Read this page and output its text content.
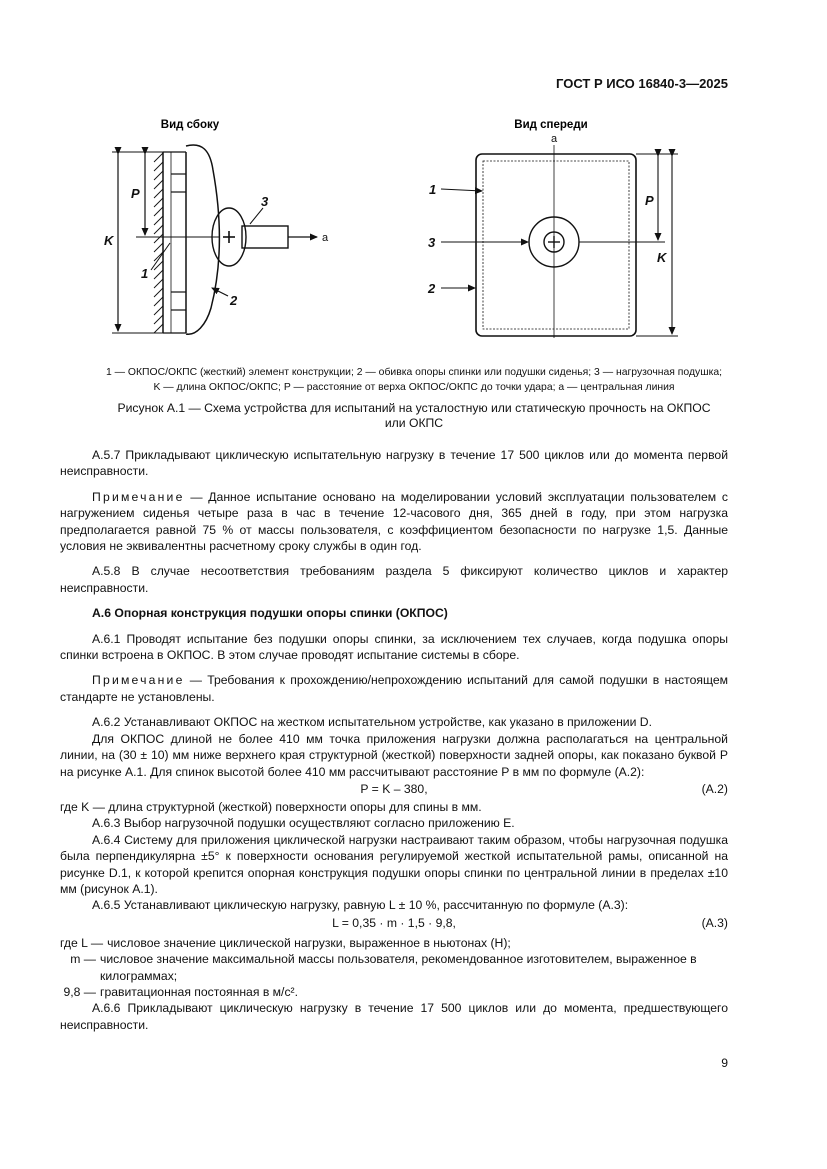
ГОСТ Р ИСО 16840-3—2025
Вид сбоку	Вид спереди
P
K
1
2
3
a
1
3
2
P
K
a
1 — ОКПОС/ОКПС (жесткий) элемент конструкции; 2 — обивка опоры спинки или подушки сиденья; 3 — нагрузочная подушка;
K — длина ОКПОС/ОКПС; P — расстояние от верха ОКПОС/ОКПС до точки удара; a — центральная линия
Рисунок А.1 — Схема устройства для испытаний на усталостную или статическую прочность на ОКПОС
или ОКПС

А.5.7 Прикладывают циклическую испытательную нагрузку в течение 17 500 циклов или до момента первой неисправности.

Примечание — Данное испытание основано на моделировании условий эксплуатации пользователем с нагружением сиденья четыре раза в час в течение 12-часового дня, 365 дней в году, при этом нагрузка предполагается равной 75 % от массы пользователя, с коэффициентом безопасности по нагрузке 1,5. Данные условия не эквивалентны расчетному сроку службы в один год.

А.5.8 В случае несоответствия требованиям раздела 5 фиксируют количество циклов и характер неисправности.

А.6 Опорная конструкция подушки опоры спинки (ОКПОС)

А.6.1 Проводят испытание без подушки опоры спинки, за исключением тех случаев, когда подушка опоры спинки встроена в ОКПОС. В этом случае проводят испытание системы в сборе.

Примечание — Требования к прохождению/непрохождению испытаний для самой подушки в настоящем стандарте не установлены.

А.6.2 Устанавливают ОКПОС на жестком испытательном устройстве, как указано в приложении D.

Для ОКПОС длиной не более 410 мм точка приложения нагрузки должна располагаться на центральной линии, на (30 ± 10) мм ниже верхнего края структурной (жесткой) поверхности задней опоры, как показано буквой P на рисунке А.1. Для спинок высотой более 410 мм рассчитывают расстояние P в мм по формуле (А.2):

P = K – 380,	(А.2)

где K — длина структурной (жесткой) поверхности опоры для спины в мм.

А.6.3 Выбор нагрузочной подушки осуществляют согласно приложению Е.

А.6.4 Систему для приложения циклической нагрузки настраивают таким образом, чтобы нагрузочная подушка была перпендикулярна ±5° к поверхности основания регулируемой жесткой испытательной рамы, описанной на рисунке D.1, к которой крепится опорная конструкция подушки опоры спинки по центральной линии в пределах ±10 мм (рисунок А.1).

А.6.5 Устанавливают циклическую нагрузку, равную L ± 10 %, рассчитанную по формуле (А.3):

L = 0,35 · m · 1,5 · 9,8,	(А.3)
где L — числовое значение циклической нагрузки, выраженное в ньютонах (Н);
m — числовое значение максимальной массы пользователя, рекомендованное изготовителем, выраженное в килограммах;
9,8 — гравитационная постоянная в м/с².

А.6.6 Прикладывают циклическую нагрузку в течение 17 500 циклов или до момента, предшествующего неисправности.

9
